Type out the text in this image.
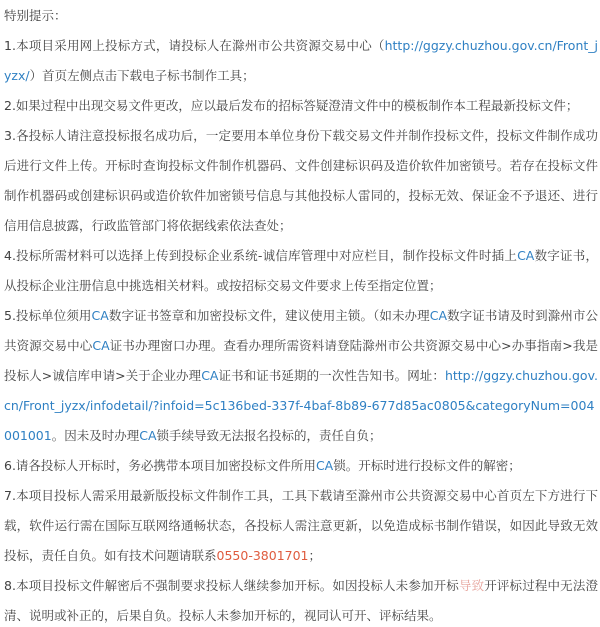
特别提示：

1.本项目采用网上投标方式，请投标人在滁州市公共资源交易中心（http://ggzy.chuzhou.gov.cn/Front_jyzx/）首页左侧点击下载电子标书制作工具；

2.如果过程中出现交易文件更改，应以最后发布的招标答疑澄清文件中的模板制作本工程最新投标文件；

3.各投标人请注意投标报名成功后，一定要用本单位身份下载交易文件并制作投标文件，投标文件制作成功后进行文件上传。开标时查询投标文件制作机器码、文件创建标识码及造价软件加密锁号。若存在投标文件制作机器码或创建标识码或造价软件加密锁号信息与其他投标人雷同的，投标无效、保证金不予退还、进行信用信息披露，行政监管部门将依据线索依法查处；

4.投标所需材料可以选择上传到投标企业系统-诚信库管理中对应栏目，制作投标文件时插上CA数字证书，从投标企业注册信息中挑选相关材料。或按招标交易文件要求上传至指定位置；

5.投标单位须用CA数字证书签章和加密投标文件，建议使用主锁。（如未办理CA数字证书请及时到滁州市公共资源交易中心CA证书办理窗口办理。查看办理所需资料请登陆滁州市公共资源交易中心>办事指南>我是投标人>诚信库申请>关于企业办理CA证书和证书延期的一次性告知书。网址：http://ggzy.chuzhou.gov.cn/Front_jyzx/infodetail/?infoid=5c136bed-337f-4baf-8b89-677d85ac0805&categoryNum=004001001。因未及时办理CA锁手续导致无法报名投标的，责任自负；

6.请各投标人开标时，务必携带本项目加密投标文件所用CA锁。开标时进行投标文件的解密；

7.本项目投标人需采用最新版投标文件制作工具，工具下载请至滁州市公共资源交易中心首页左下方进行下载，软件运行需在国际互联网络通畅状态，各投标人需注意更新，以免造成标书制作错误，如因此导致无效投标，责任自负。如有技术问题请联系0550-3801701；

8.本项目投标文件解密后不强制要求投标人继续参加开标。如因投标人未参加开标导致开评标过程中无法澄清、说明或补正的，后果自负。投标人未参加开标的，视同认可开、评标结果。
